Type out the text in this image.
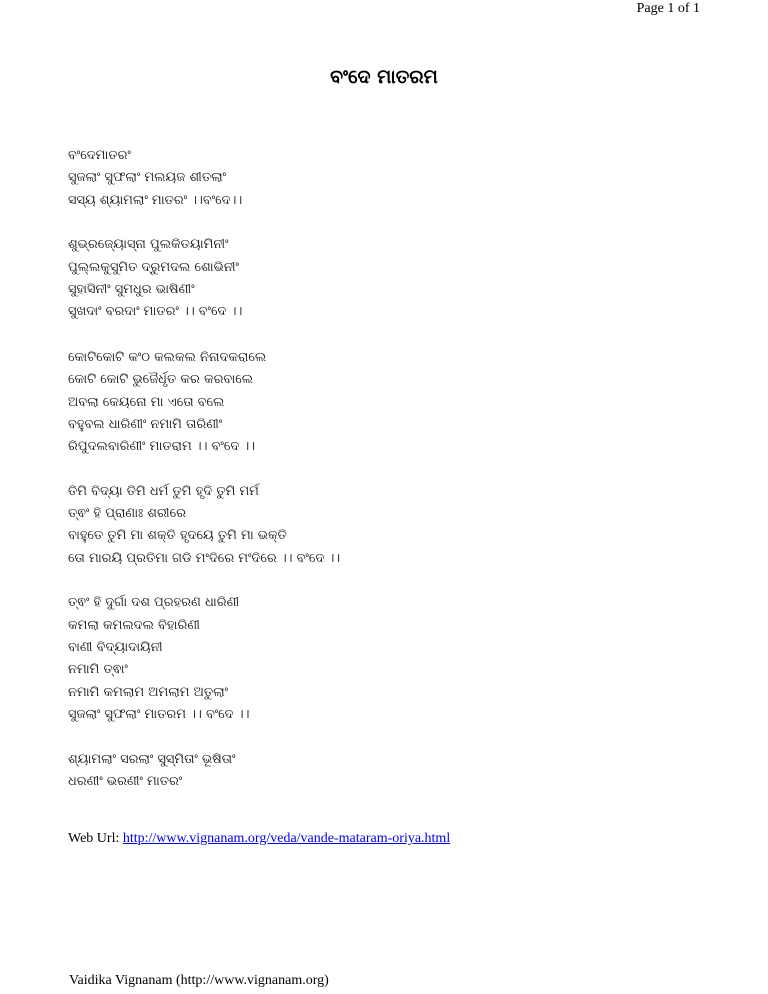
Page 1 of 1
ବଂଦେ ମାତରମ
ବଂଦେମାତରଂ
ସୁଜଲାଂ ସୁଫଲାଂ ମଲୟଜ ଶୀତଲାଂ
ସସ୍ୟ ଶ୍ୟାମଲାଂ ମାତରଂ ।।ବଂଦେ।।
ଶୁଭ୍ରଜ୍ୟୋସ୍ନା ପୁଲକିତୟାମିନୀଂ
ପୁଲ୍ଲକୁସୁମିତ ଦ୍ରୁମଦଲ ଶୋଭିନୀଂ
ସୁହାସିନୀଂ ସୁମଧୁର ଭାଷିଣୀଂ
ସୁଖଦାଂ ବରଦାଂ ମାତରଂ ।। ବଂଦେ ।।
କୋଟିକୋଟି କଂଠ କଲକଲ ନିନାଦକରାଲେ
କୋଟି କୋଟି ଭୁଜୈର୍ଧୃତ କର କରବାଲେ
ଅବଲା କେୟନୋ ମା ଏତୋ ବଲେ
ବହୁବଲ ଧାରିଣୀଂ ନମାମି ତାରିଣୀଂ
ରିପୁଦଲବାରିଣୀଂ ମାତରାମ ।। ବଂଦେ ।।
ତିମି ବିଦ୍ୟା ତିମି ଧର୍ମ ତୁମି ହୃଦି ତୁମି ମର୍ମ
ତ୍ଵଂ ହି ପ୍ରାଣାଃ ଶରୀରେ
ବାହୁତେ ତୁମି ମା ଶକ୍ତି ହୃଦୟେ ତୁମି ମା ଭକ୍ତି
ତୋ ମାରୟି ପ୍ରତିମା ଗଡି ମଂଦିରେ ମଂଦିରେ ।। ବଂଦେ ।।
ତ୍ଵଂ ହି ଦୁର୍ଗା ଦଶ ପ୍ରହରଣ ଧାରିଣୀ
କମଲା କମଲଦଲ ବିହାରିଣୀ
ବାଣୀ ବିଦ୍ୟାଦାୟିନୀ
ନମାମି ତ୍ଵାଂ
ନମାମି କମଲାମ ଅମଲାମ ଅତୁଲାଂ
ସୁଜଲାଂ ସୁଫଲାଂ ମାତରମ ।। ବଂଦେ ।।
ଶ୍ୟାମଲାଂ ସରଲାଂ ସୁସ୍ମିତାଂ ଭୂଷିତାଂ
ଧରଣୀଂ ଭରଣୀଂ ମାତରଂ
Web Url: http://www.vignanam.org/veda/vande-mataram-oriya.html
Vaidika Vignanam (http://www.vignanam.org)
